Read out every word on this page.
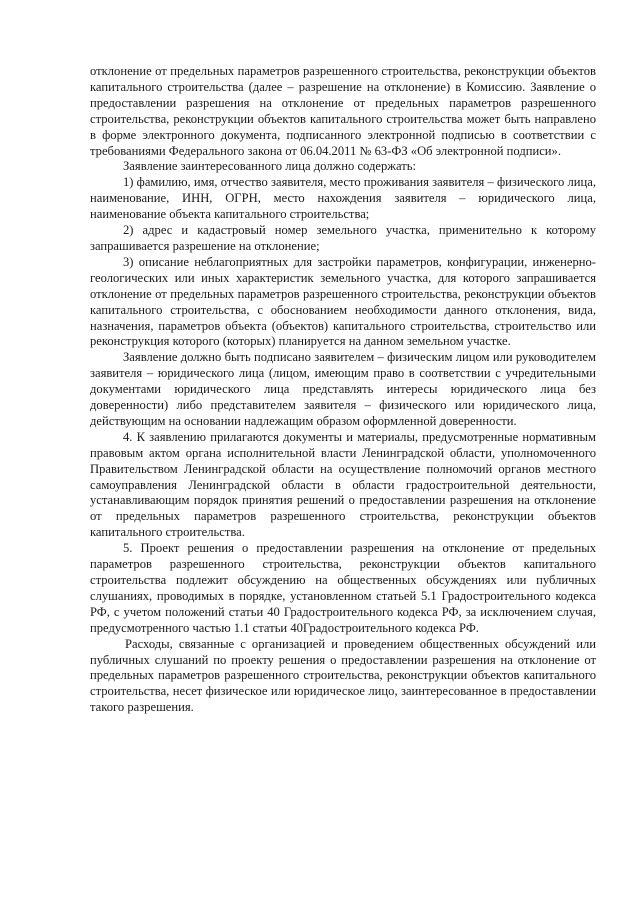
отклонение от предельных параметров разрешенного строительства, реконструкции объектов капитального строительства (далее – разрешение на отклонение) в Комиссию. Заявление о предоставлении разрешения на отклонение от предельных параметров разрешенного строительства, реконструкции объектов капитального строительства может быть направлено в форме электронного документа, подписанного электронной подписью в соответствии с требованиями Федерального закона от 06.04.2011 № 63-ФЗ «Об электронной подписи».

Заявление заинтересованного лица должно содержать:

1) фамилию, имя, отчество заявителя, место проживания заявителя – физического лица, наименование, ИНН, ОГРН, место нахождения заявителя – юридического лица, наименование объекта капитального строительства;

2) адрес и кадастровый номер земельного участка, применительно к которому запрашивается разрешение на отклонение;

3) описание неблагоприятных для застройки параметров, конфигурации, инженерно-геологических или иных характеристик земельного участка, для которого запрашивается отклонение от предельных параметров разрешенного строительства, реконструкции объектов капитального строительства, с обоснованием необходимости данного отклонения, вида, назначения, параметров объекта (объектов) капитального строительства, строительство или реконструкция которого (которых) планируется на данном земельном участке.

Заявление должно быть подписано заявителем – физическим лицом или руководителем заявителя – юридического лица (лицом, имеющим право в соответствии с учредительными документами юридического лица представлять интересы юридического лица без доверенности) либо представителем заявителя – физического или юридического лица, действующим на основании надлежащим образом оформленной доверенности.

4. К заявлению прилагаются документы и материалы, предусмотренные нормативным правовым актом органа исполнительной власти Ленинградской области, уполномоченного Правительством Ленинградской области на осуществление полномочий органов местного самоуправления Ленинградской области в области градостроительной деятельности, устанавливающим порядок принятия решений о предоставлении разрешения на отклонение от предельных параметров разрешенного строительства, реконструкции объектов капитального строительства.

5. Проект решения о предоставлении разрешения на отклонение от предельных параметров разрешенного строительства, реконструкции объектов капитального строительства подлежит обсуждению на общественных обсуждениях или публичных слушаниях, проводимых в порядке, установленном статьей 5.1 Градостроительного кодекса РФ, с учетом положений статьи 40 Градостроительного кодекса РФ, за исключением случая, предусмотренного частью 1.1 статьи 40Градостроительного кодекса РФ.

Расходы, связанные с организацией и проведением общественных обсуждений или публичных слушаний по проекту решения о предоставлении разрешения на отклонение от предельных параметров разрешенного строительства, реконструкции объектов капитального строительства, несет физическое или юридическое лицо, заинтересованное в предоставлении такого разрешения.
